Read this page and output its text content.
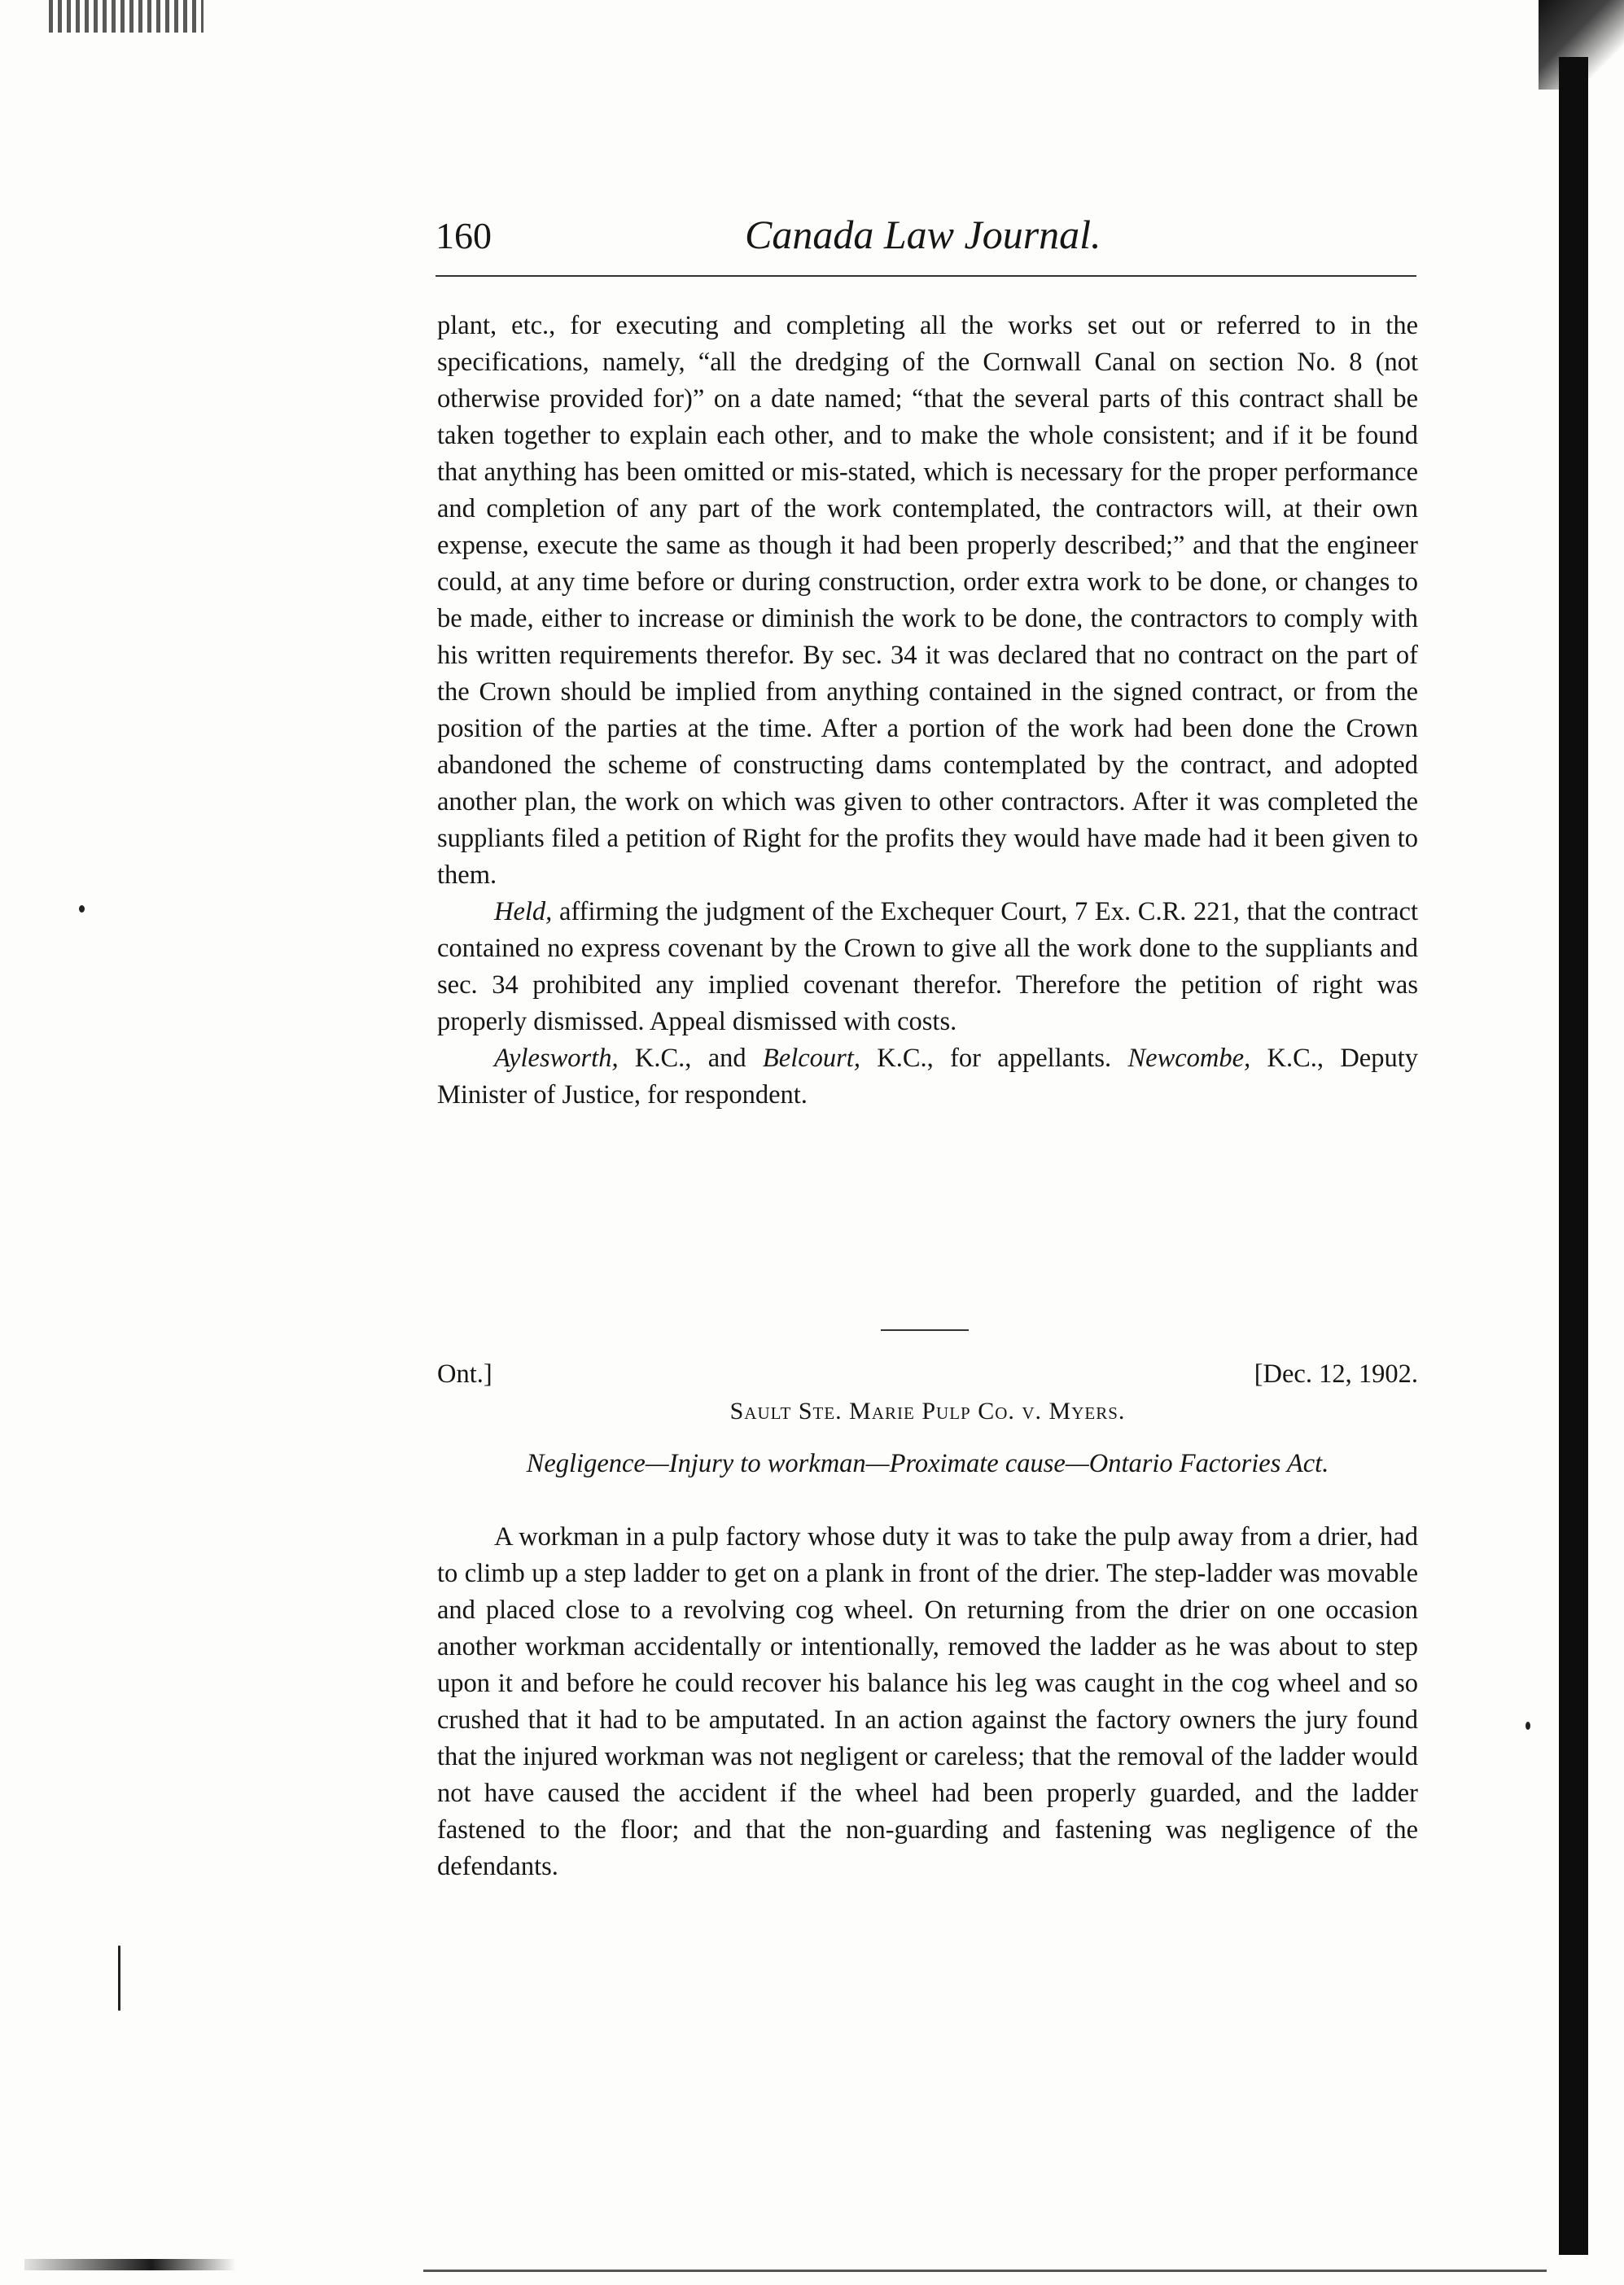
160	Canada Law Journal.

plant, etc., for executing and completing all the works set out or referred to in the specifications, namely, “all the dredging of the Cornwall Canal on section No. 8 (not otherwise provided for)” on a date named; “that the several parts of this contract shall be taken together to explain each other, and to make the whole consistent; and if it be found that anything has been omitted or mis-stated, which is necessary for the proper performance and completion of any part of the work contemplated, the contractors will, at their own expense, execute the same as though it had been properly described;” and that the engineer could, at any time before or during construction, order extra work to be done, or changes to be made, either to increase or diminish the work to be done, the contractors to comply with his written requirements therefor. By sec. 34 it was declared that no contract on the part of the Crown should be implied from anything contained in the signed contract, or from the position of the parties at the time. After a portion of the work had been done the Crown abandoned the scheme of constructing dams contemplated by the contract, and adopted another plan, the work on which was given to other contractors. After it was completed the suppliants filed a petition of Right for the profits they would have made had it been given to them.

Held, affirming the judgment of the Exchequer Court, 7 Ex. C.R. 221, that the contract contained no express covenant by the Crown to give all the work done to the suppliants and sec. 34 prohibited any implied covenant therefor. Therefore the petition of right was properly dismissed. Appeal dismissed with costs.

Aylesworth, K.C., and Belcourt, K.C., for appellants. Newcombe, K.C., Deputy Minister of Justice, for respondent.

Ont.]	[Dec. 12, 1902.
Sault Ste. Marie Pulp Co. v. Myers.
Negligence—Injury to workman—Proximate cause—Ontario Factories Act.

A workman in a pulp factory whose duty it was to take the pulp away from a drier, had to climb up a step ladder to get on a plank in front of the drier. The step-ladder was movable and placed close to a revolving cog wheel. On returning from the drier on one occasion another workman accidentally or intentionally, removed the ladder as he was about to step upon it and before he could recover his balance his leg was caught in the cog wheel and so crushed that it had to be amputated. In an action against the factory owners the jury found that the injured workman was not negligent or careless; that the removal of the ladder would not have caused the accident if the wheel had been properly guarded, and the ladder fastened to the floor; and that the non-guarding and fastening was negligence of the defendants.
